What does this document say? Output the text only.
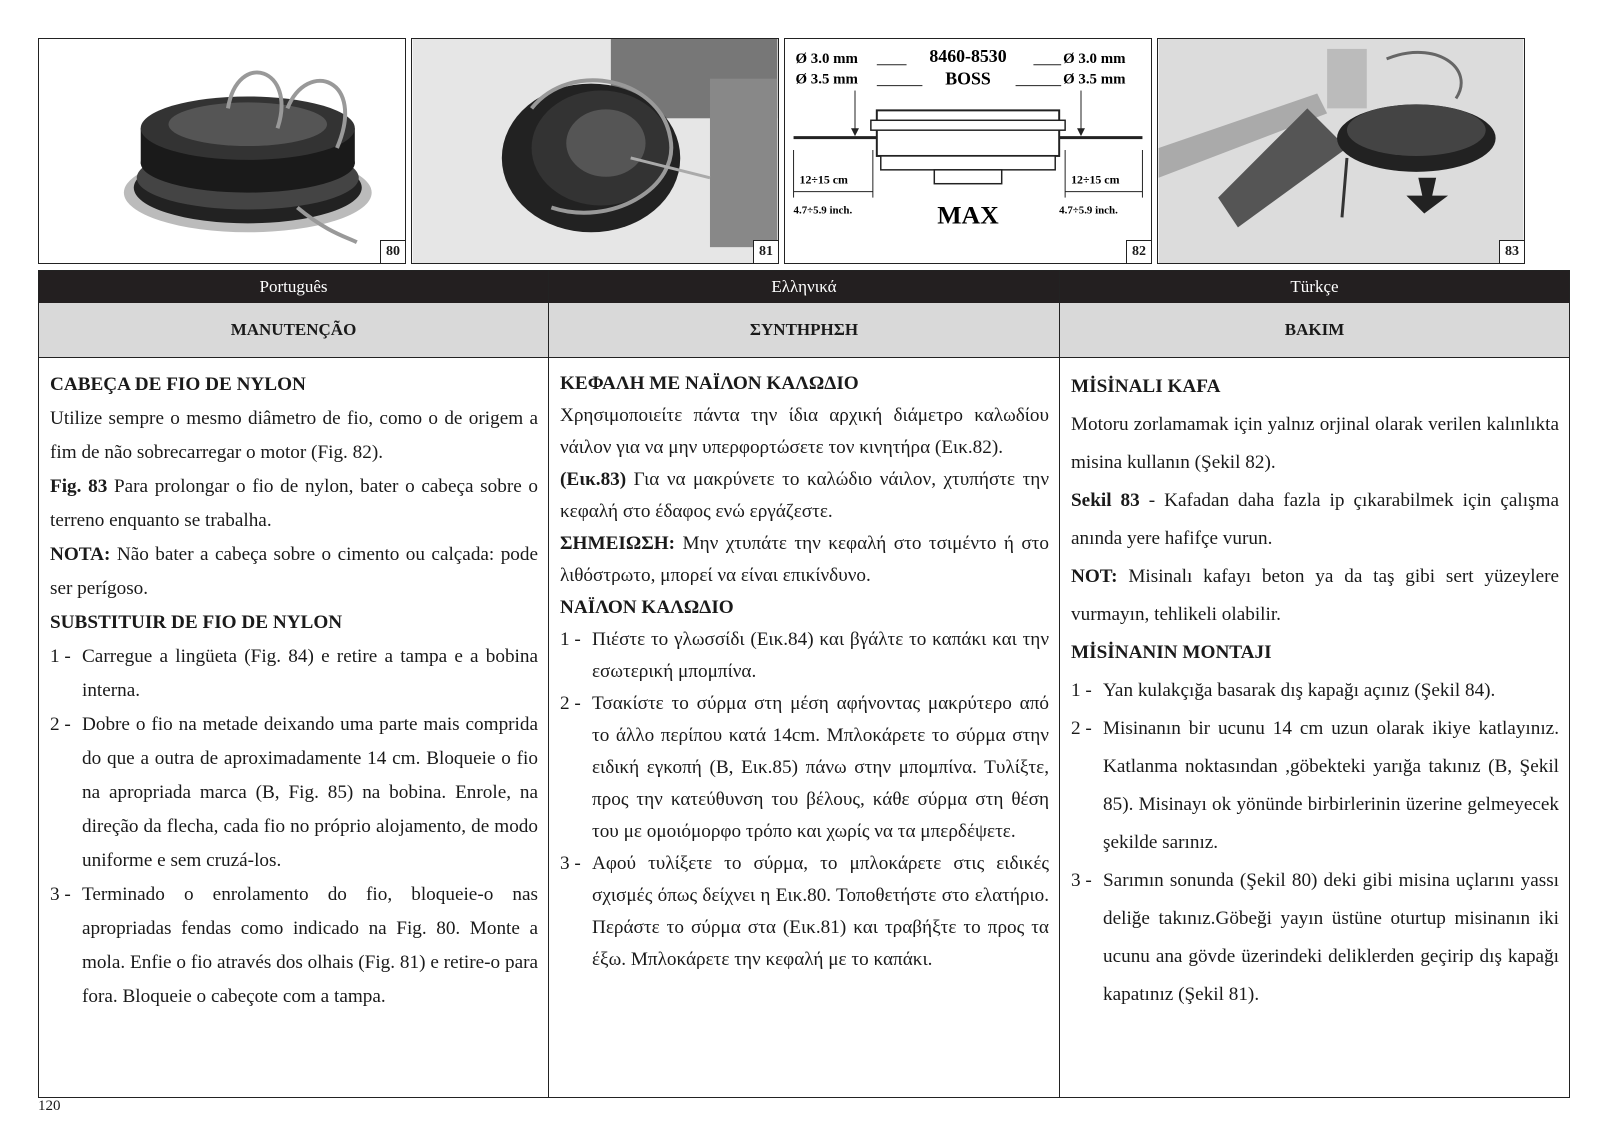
80	81
Ø 3.0 mm
Ø 3.5 mm
8460-8530
BOSS
Ø 3.0 mm
Ø 3.5 mm
12÷15 cm
4.7÷5.9 inch.
12÷15 cm
4.7÷5.9 inch.
MAX
82	83
Português
MANUTENÇÃO

CABEÇA DE FIO DE NYLON

Utilize sempre o mesmo diâmetro de fio, como o de origem a fim de não sobrecarregar o motor (Fig. 82).

Fig. 83 Para prolongar o fio de nylon, bater o cabeça sobre o terreno enquanto se trabalha.

NOTA: Não bater a cabeça sobre o cimento ou calçada: pode ser perígoso.

SUBSTITUIR DE FIO DE NYLON

1 - Carregue a lingüeta (Fig. 84) e retire a tampa e a bobina interna.
2 - Dobre o fio na metade deixando uma parte mais comprida do que a outra de aproximadamente 14 cm. Bloqueie o fio na apropriada marca (B, Fig. 85) na bobina. Enrole, na direção da flecha, cada fio no próprio alojamento, de modo uniforme e sem cruzá-los.
3 - Terminado o enrolamento do fio, bloqueie-o nas apropriadas fendas como indicado na Fig. 80. Monte a mola. Enfie o fio através dos olhais (Fig. 81) e retire-o para fora. Bloqueie o cabeçote com a tampa.
Ελληνικά
ΣΥΝΤΗΡΗΣΗ

ΚΕΦΑΛΗ ΜΕ ΝΑΪΛΟΝ ΚΑΛΩΔΙΟ

Χρησιμοποιείτε πάντα την ίδια αρχική διάμετρο καλωδίου νάιλον για να μην υπερφορτώσετε τον κινητήρα (Εικ.82).

(Εικ.83) Για να μακρύνετε το καλώδιο νάιλον, χτυπήστε την κεφαλή στο έδαφος ενώ εργάζεστε.

ΣΗΜΕΙΩΣΗ: Μην χτυπάτε την κεφαλή στο τσιμέντο ή στο λιθόστρωτο, μπορεί να είναι επικίνδυνο.

ΝΑΪΛΟΝ ΚΑΛΩΔΙΟ

1 - Πιέστε το γλωσσίδι (Εικ.84) και βγάλτε το καπάκι και την εσωτερική μπομπίνα.
2 - Τσακίστε το σύρμα στη μέση αφήνοντας μακρύτερο από το άλλο περίπου κατά 14cm. Μπλοκάρετε το σύρμα στην ειδική εγκοπή (B, Εικ.85) πάνω στην μπομπίνα. Τυλίξτε, προς την κατεύθυνση του βέλους, κάθε σύρμα στη θέση του με ομοιόμορφο τρόπο και χωρίς να τα μπερδέψετε.
3 - Αφού τυλίξετε το σύρμα, το μπλοκάρετε στις ειδικές σχισμές όπως δείχνει η Εικ.80. Τοποθετήστε στο ελατήριο. Περάστε το σύρμα στα (Εικ.81) και τραβήξτε το προς τα έξω. Μπλοκάρετε την κεφαλή με το καπάκι.
Türkçe
BAKIM

MİSİNALI KAFA

Motoru zorlamamak için yalnız orjinal olarak verilen kalınlıkta misina kullanın (Şekil 82).

Sekil 83 - Kafadan daha fazla ip çıkarabilmek için çalışma anında yere hafifçe vurun.

NOT: Misinalı kafayı beton ya da taş gibi sert yüzeylere vurmayın, tehlikeli olabilir.

MİSİNANIN MONTAJI

1 - Yan kulakçığa basarak dış kapağı açınız (Şekil 84).
2 - Misinanın bir ucunu 14 cm uzun olarak ikiye katlayınız. Katlanma noktasından ,göbekteki yarığa takınız (B, Şekil 85). Misinayı ok yönünde birbirlerinin üzerine gelmeyecek şekilde sarınız.
3 - Sarımın sonunda (Şekil 80) deki gibi misina uçlarını yassı deliğe takınız.Göbeği yayın üstüne oturtup misinanın iki ucunu ana gövde üzerindeki deliklerden geçirip dış kapağı kapatınız (Şekil 81).
120
